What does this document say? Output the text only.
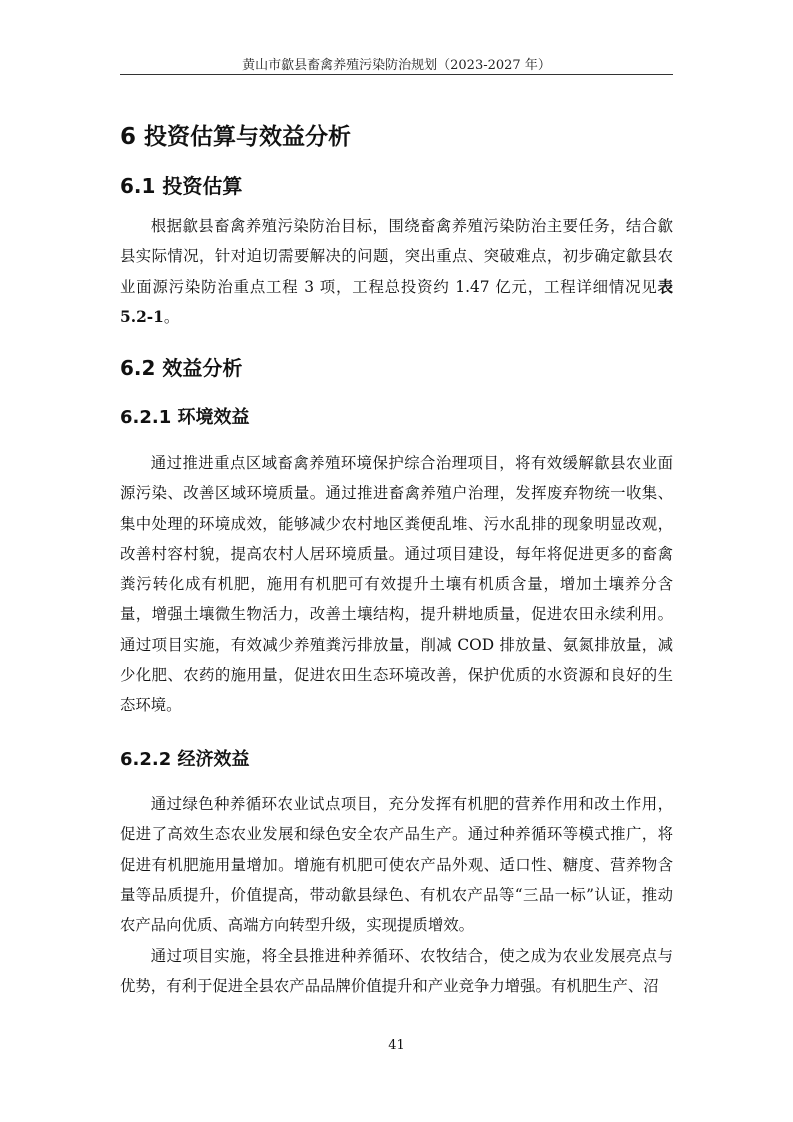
黄山市歙县畜禽养殖污染防治规划（2023-2027 年）
6 投资估算与效益分析
6.1 投资估算
根据歙县畜禽养殖污染防治目标，围绕畜禽养殖污染防治主要任务，结合歙县实际情况，针对迫切需要解决的问题，突出重点、突破难点，初步确定歙县农业面源污染防治重点工程 3 项，工程总投资约 1.47 亿元，工程详细情况见表 5.2-1。
6.2 效益分析
6.2.1 环境效益
通过推进重点区域畜禽养殖环境保护综合治理项目，将有效缓解歙县农业面源污染、改善区域环境质量。通过推进畜禽养殖户治理，发挥废弃物统一收集、集中处理的环境成效，能够减少农村地区粪便乱堆、污水乱排的现象明显改观，改善村容村貌，提高农村人居环境质量。通过项目建设，每年将促进更多的畜禽粪污转化成有机肥，施用有机肥可有效提升土壤有机质含量，增加土壤养分含量，增强土壤微生物活力，改善土壤结构，提升耕地质量，促进农田永续利用。通过项目实施，有效减少养殖粪污排放量，削减 COD 排放量、氨氮排放量，减少化肥、农药的施用量，促进农田生态环境改善，保护优质的水资源和良好的生态环境。
6.2.2 经济效益
通过绿色种养循环农业试点项目，充分发挥有机肥的营养作用和改土作用，促进了高效生态农业发展和绿色安全农产品生产。通过种养循环等模式推广，将促进有机肥施用量增加。增施有机肥可使农产品外观、适口性、糖度、营养物含量等品质提升，价值提高，带动歙县绿色、有机农产品等“三品一标”认证，推动农产品向优质、高端方向转型升级，实现提质增效。
通过项目实施，将全县推进种养循环、农牧结合，使之成为农业发展亮点与优势，有利于促进全县农产品品牌价值提升和产业竞争力增强。有机肥生产、沼
41
